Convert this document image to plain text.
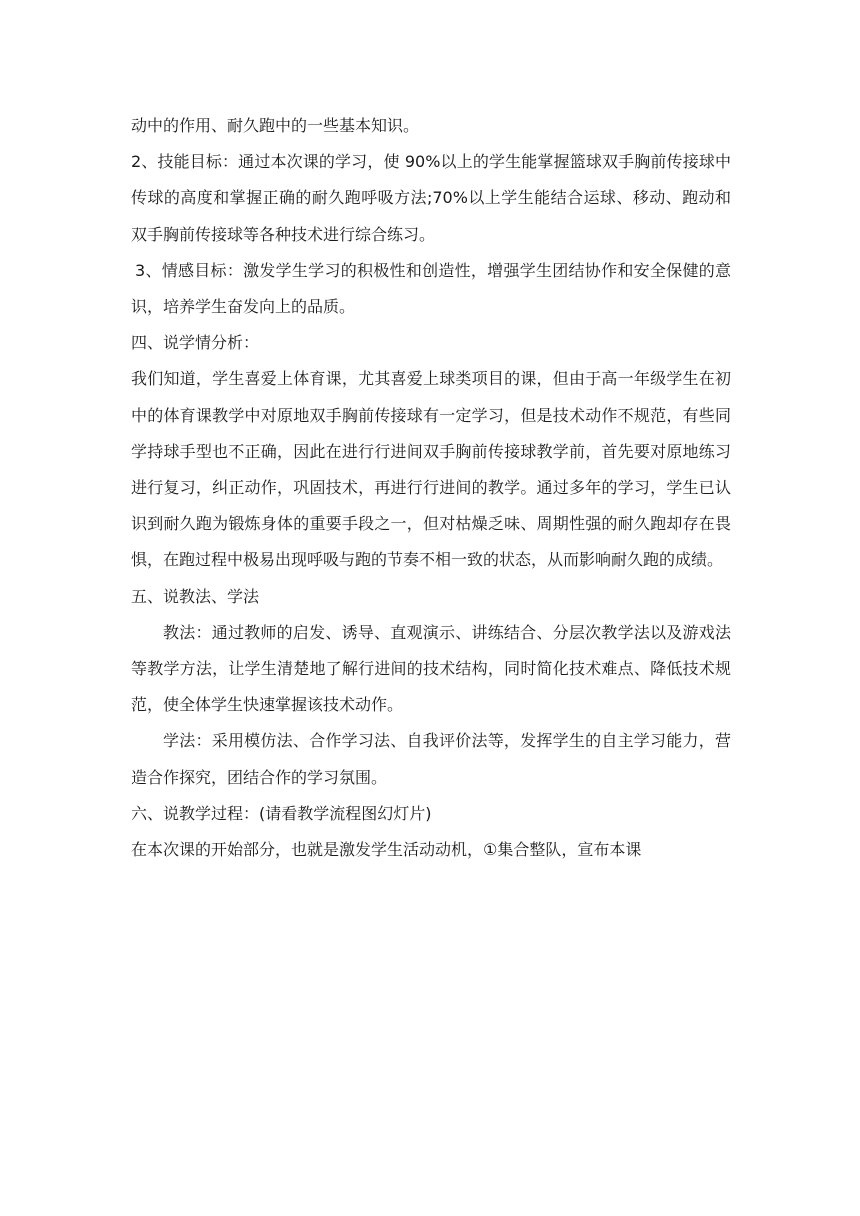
动中的作用、耐久跑中的一些基本知识。

2、技能目标：通过本次课的学习，使 90%以上的学生能掌握篮球双手胸前传接球中传球的高度和掌握正确的耐久跑呼吸方法;70%以上学生能结合运球、移动、跑动和双手胸前传接球等各种技术进行综合练习。

3、情感目标：激发学生学习的积极性和创造性，增强学生团结协作和安全保健的意识，培养学生奋发向上的品质。

四、说学情分析：

我们知道，学生喜爱上体育课，尤其喜爱上球类项目的课，但由于高一年级学生在初中的体育课教学中对原地双手胸前传接球有一定学习，但是技术动作不规范，有些同学持球手型也不正确，因此在进行行进间双手胸前传接球教学前，首先要对原地练习进行复习，纠正动作，巩固技术，再进行行进间的教学。通过多年的学习，学生已认识到耐久跑为锻炼身体的重要手段之一，但对枯燥乏味、周期性强的耐久跑却存在畏惧，在跑过程中极易出现呼吸与跑的节奏不相一致的状态，从而影响耐久跑的成绩。

五、说教法、学法

教法：通过教师的启发、诱导、直观演示、讲练结合、分层次教学法以及游戏法等教学方法，让学生清楚地了解行进间的技术结构，同时简化技术难点、降低技术规范，使全体学生快速掌握该技术动作。

学法：采用模仿法、合作学习法、自我评价法等，发挥学生的自主学习能力，营造合作探究，团结合作的学习氛围。

六、说教学过程：(请看教学流程图幻灯片)

在本次课的开始部分，也就是激发学生活动动机，①集合整队，宣布本课
